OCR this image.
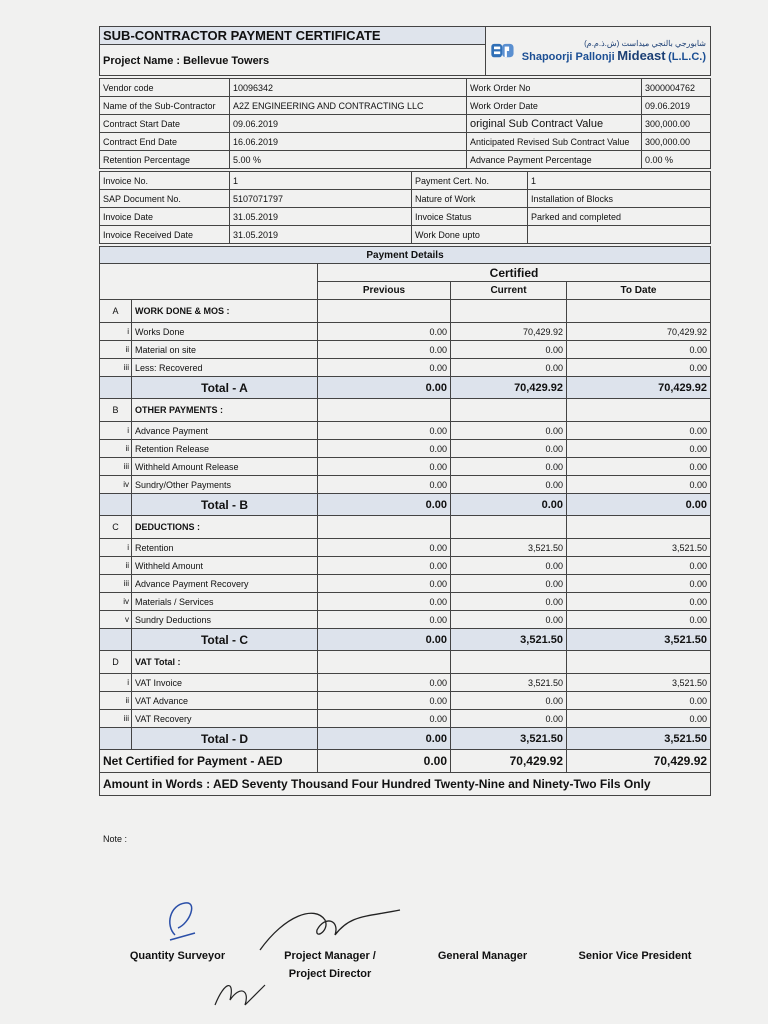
SUB-CONTRACTOR PAYMENT CERTIFICATE
Project Name : Bellevue Towers

شابورجي بالنجي ميداست (ش.ذ.م.م)
Shapoorji Pallonji Mideast (L.L.C.)
Vendor code	10096342	Work Order No	3000004762
Name of the Sub-Contractor	A2Z ENGINEERING AND CONTRACTING LLC	Work Order Date	09.06.2019
Contract Start Date	09.06.2019	original Sub Contract Value	300,000.00
Contract End Date	16.06.2019	Anticipated Revised Sub Contract Value	300,000.00
Retention Percentage	5.00 %	Advance Payment Percentage	0.00 %
Invoice No.	1	Payment Cert. No.	1
SAP Document No.	5107071797	Nature of Work	Installation of Blocks
Invoice Date	31.05.2019	Invoice Status	Parked and completed
Invoice Received Date	31.05.2019	Work Done upto	
Payment Details				
		Certified		
		Previous	Current	To Date
A	WORK DONE & MOS :			
i	Works Done	0.00	70,429.92	70,429.92
ii	Material on site	0.00	0.00	0.00
iii	Less: Recovered	0.00	0.00	0.00
	Total - A	0.00	70,429.92	70,429.92
B	OTHER PAYMENTS :			
i	Advance Payment	0.00	0.00	0.00
ii	Retention Release	0.00	0.00	0.00
iii	Withheld Amount Release	0.00	0.00	0.00
iv	Sundry/Other Payments	0.00	0.00	0.00
	Total - B	0.00	0.00	0.00
C	DEDUCTIONS :			
i	Retention	0.00	3,521.50	3,521.50
ii	Withheld Amount	0.00	0.00	0.00
iii	Advance Payment Recovery	0.00	0.00	0.00
iv	Materials / Services	0.00	0.00	0.00
v	Sundry Deductions	0.00	0.00	0.00
	Total - C	0.00	3,521.50	3,521.50
D	VAT Total :			
i	VAT Invoice	0.00	3,521.50	3,521.50
ii	VAT Advance	0.00	0.00	0.00
iii	VAT Recovery	0.00	0.00	0.00
	Total - D	0.00	3,521.50	3,521.50
Net Certified for Payment - AED		0.00	70,429.92	70,429.92
Amount in Words : AED Seventy Thousand Four Hundred Twenty-Nine and Ninety-Two Fils Only				
Note :
Quantity Surveyor	Project Manager /
Project Director
General Manager	Senior Vice President
